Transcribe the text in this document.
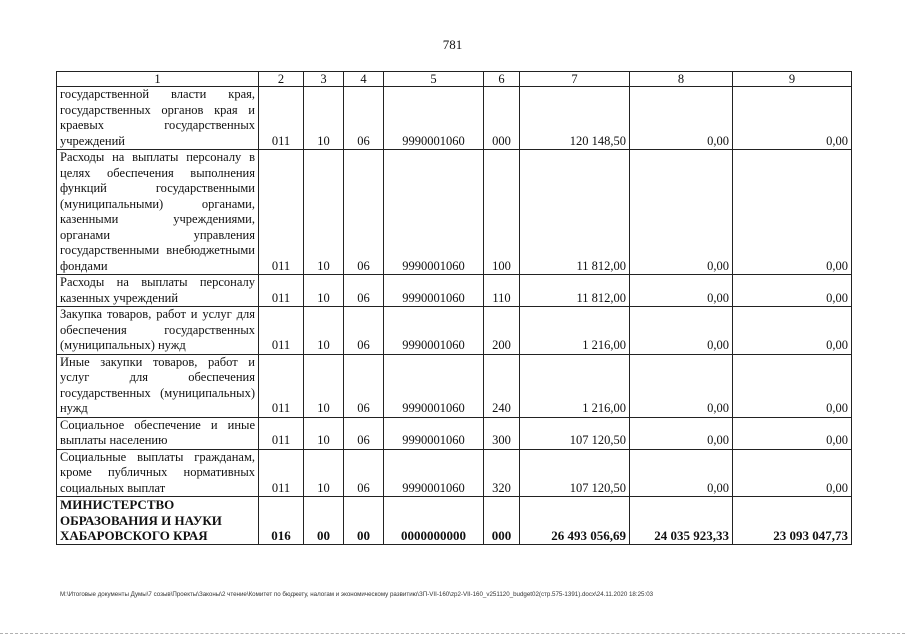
781
1	2	3	4	5	6	7	8	9
государственной власти края, государственных органов края и краевых государственных учреждений	011	10	06	9990001060	000	120 148,50	0,00	0,00
Расходы на выплаты персоналу в целях обеспечения выполнения функций государственными (муниципальными) органами, казенными учреждениями, органами управления государственными внебюджетными фондами	011	10	06	9990001060	100	11 812,00	0,00	0,00
Расходы на выплаты персоналу казенных учреждений	011	10	06	9990001060	110	11 812,00	0,00	0,00
Закупка товаров, работ и услуг для обеспечения государственных (муниципальных) нужд	011	10	06	9990001060	200	1 216,00	0,00	0,00
Иные закупки товаров, работ и услуг для обеспечения государственных (муниципальных) нужд	011	10	06	9990001060	240	1 216,00	0,00	0,00
Социальное обеспечение и иные выплаты населению	011	10	06	9990001060	300	107 120,50	0,00	0,00
Социальные выплаты гражданам, кроме публичных нормативных социальных выплат	011	10	06	9990001060	320	107 120,50	0,00	0,00
МИНИСТЕРСТВО ОБРАЗОВАНИЯ И НАУКИ ХАБАРОВСКОГО КРАЯ	016	00	00	0000000000	000	26 493 056,69	24 035 923,33	23 093 047,73
M:\Итоговые документы Думы\7 созыв\Проекты\Законы\2 чтение\Комитет по бюджету, налогам и экономическому развитию\ЗП-VII-160\zp2-VII-160_v251120_budget02(стр.575-1391).docx\24.11.2020 18:25:03
